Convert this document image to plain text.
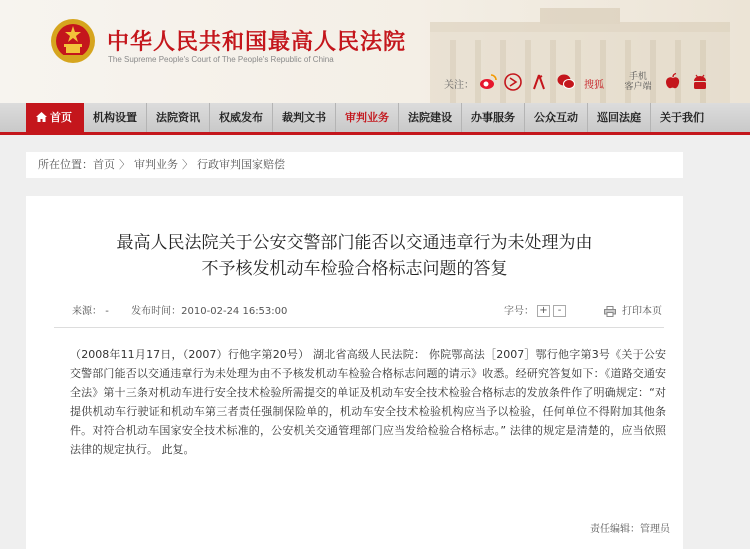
中华人民共和国最高人民法院
The Supreme People's Court of The People's Republic of China
关注：	搜狐
手机
客户端
首页	机构设置	法院资讯	权威发布	裁判文书	审判业务	法院建设	办事服务	公众互动	巡回法庭	关于我们
所在位置：首页 〉 审判业务 〉 行政审判国家赔偿
最高人民法院关于公安交警部门能否以交通违章行为未处理为由
不予核发机动车检验合格标志问题的答复
来源： - 发布时间：2010-02-24 16:53:00	字号： + -	打印本页
（2008年11月17日，（2007）行他字第20号） 湖北省高级人民法院： 你院鄂高法［2007］鄂行他字第3号《关于公安交警部门能否以交通违章行为未处理为由不予核发机动车检验合格标志问题的请示》收悉。经研究答复如下：《道路交通安全法》第十三条对机动车进行安全技术检验所需提交的单证及机动车安全技术检验合格标志的发放条件作了明确规定：“对提供机动车行驶证和机动车第三者责任强制保险单的，机动车安全技术检验机构应当予以检验，任何单位不得附加其他条件。对符合机动车国家安全技术标准的，公安机关交通管理部门应当发给检验合格标志。” 法律的规定是清楚的，应当依照法律的规定执行。 此复。
责任编辑：管理员
